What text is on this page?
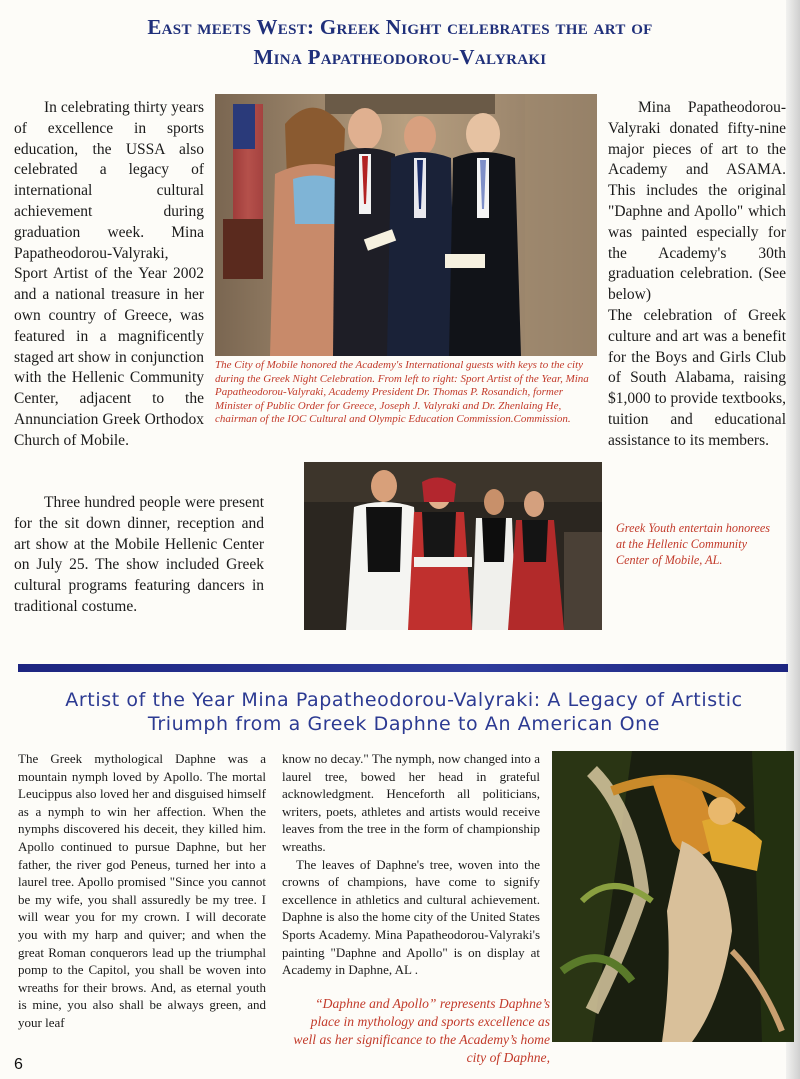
East meets West: Greek Night celebrates the art of
Mina Papatheodorou-Valyraki

In celebrating thirty years of excellence in sports education, the USSA also celebrated a legacy of international cultural achievement during graduation week. Mina Papatheodorou-Valyraki, Sport Artist of the Year 2002 and a national treasure in her own country of Greece, was featured in a magnificently staged art show in conjunction with the Hellenic Community Center, adjacent to the Annunciation Greek Orthodox Church of Mobile.

Three hundred people were present for the sit down dinner, reception and art show at the Mobile Hellenic Center on July 25. The show included Greek cultural programs featuring dancers in traditional costume.

The City of Mobile honored the Academy's International guests with keys to the city during the Greek Night Celebration. From left to right: Sport Artist of the Year, Mina Papatheodorou-Valyraki, Academy President Dr. Thomas P. Rosandich, former Minister of Public Order for Greece, Joseph J. Valyraki and Dr. Zhenlaing He, chairman of the IOC Cultural and Olympic Education Commission.Commission.

Mina Papatheodorou-Valyraki donated fifty-nine major pieces of art to the Academy and ASAMA. This includes the original "Daphne and Apollo" which was painted especially for the Academy's 30th graduation celebration. (See below)

The celebration of Greek culture and art was a benefit for the Boys and Girls Club of South Alabama, raising $1,000 to provide textbooks, tuition and educational assistance to its members.

Greek Youth entertain honorees at the Hellenic Community Center of Mobile, AL.
Artist of the Year Mina Papatheodorou-Valyraki: A Legacy of Artistic
Triumph from a Greek Daphne to An American One

The Greek mythological Daphne was a mountain nymph loved by Apollo. The mortal Leucippus also loved her and disguised himself as a nymph to win her affection. When the nymphs discovered his deceit, they killed him. Apollo continued to pursue Daphne, but her father, the river god Peneus, turned her into a laurel tree. Apollo promised "Since you cannot be my wife, you shall assuredly be my tree. I will wear you for my crown. I will decorate you with my harp and quiver; and when the great Roman conquerors lead up the triumphal pomp to the Capitol, you shall be woven into wreaths for their brows. And, as eternal youth is mine, you also shall be always green, and your leaf

know no decay." The nymph, now changed into a laurel tree, bowed her head in grateful acknowledgment. Henceforth all politicians, writers, poets, athletes and artists would receive leaves from the tree in the form of championship wreaths.

The leaves of Daphne's tree, woven into the crowns of champions, have come to signify excellence in athletics and cultural achievement. Daphne is also the home city of the United States Sports Academy. Mina Papatheodorou-Valyraki's painting "Daphne and Apollo" is on display at Academy in Daphne, AL .

“Daphne and Apollo” represents Daphne’s place in mythology and sports excellence as well as her significance to the Academy’s home city of Daphne,
6
